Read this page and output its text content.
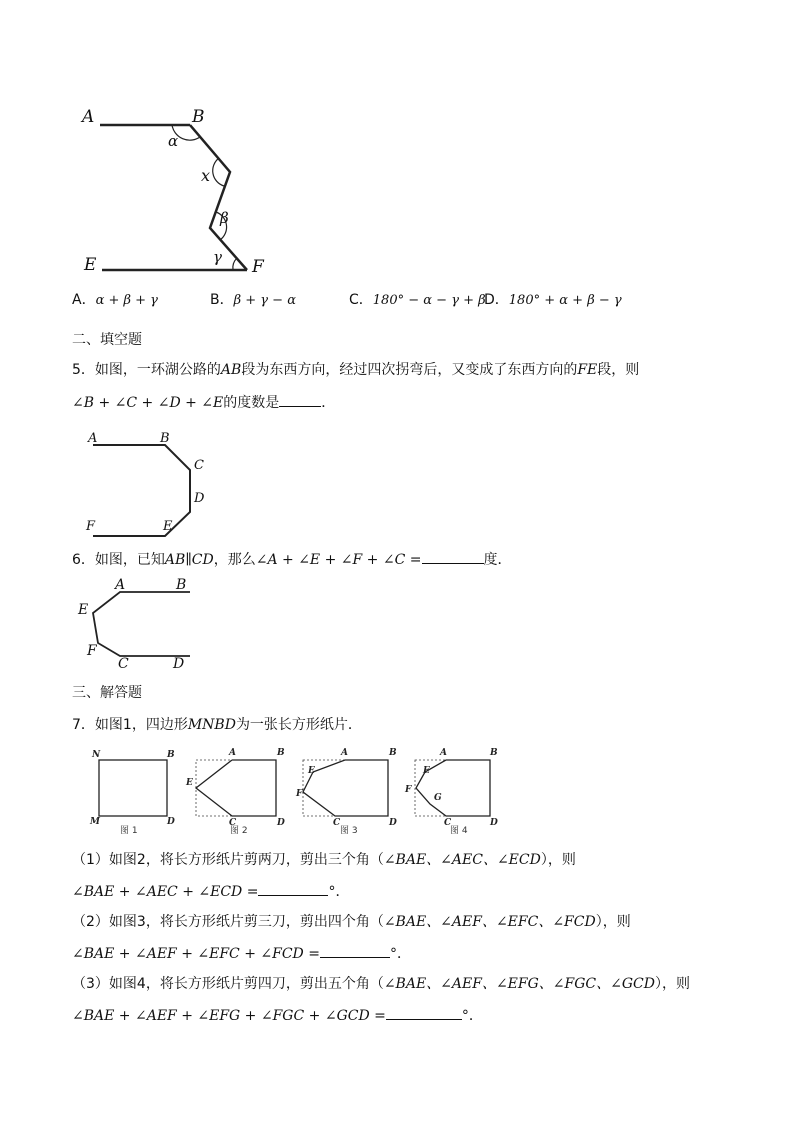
A	B
α
x
β
γ
E	F
A．α + β + γ	B．β + γ − α	C．180° − α − γ + β
D．180° + α + β − γ
二、填空题
5．如图，一环湖公路的AB段为东西方向，经过四次拐弯后，又变成了东西方向的FE段，则
∠B + ∠C + ∠D + ∠E的度数是	．
A	B
C
D
F	E
6．如图，已知AB∥CD，那么∠A + ∠E + ∠F + ∠C =	度．
A	B
E
F
C	D
三、解答题
7．如图1，四边形MNBD为一张长方形纸片．
N	B
M	D
图 1
A	B
E
C	D
图 2
A	B
E
F
C	D
图 3
A	B
E
F
G
C	D
图 4
（1）如图2，将长方形纸片剪两刀，剪出三个角（∠BAE、∠AEC、∠ECD），则
∠BAE + ∠AEC + ∠ECD =	°．
（2）如图3，将长方形纸片剪三刀，剪出四个角（∠BAE、∠AEF、∠EFC、∠FCD），则
∠BAE + ∠AEF + ∠EFC + ∠FCD =	°．
（3）如图4，将长方形纸片剪四刀，剪出五个角（∠BAE、∠AEF、∠EFG、∠FGC、∠GCD），则
∠BAE + ∠AEF + ∠EFG + ∠FGC + ∠GCD =	°．
